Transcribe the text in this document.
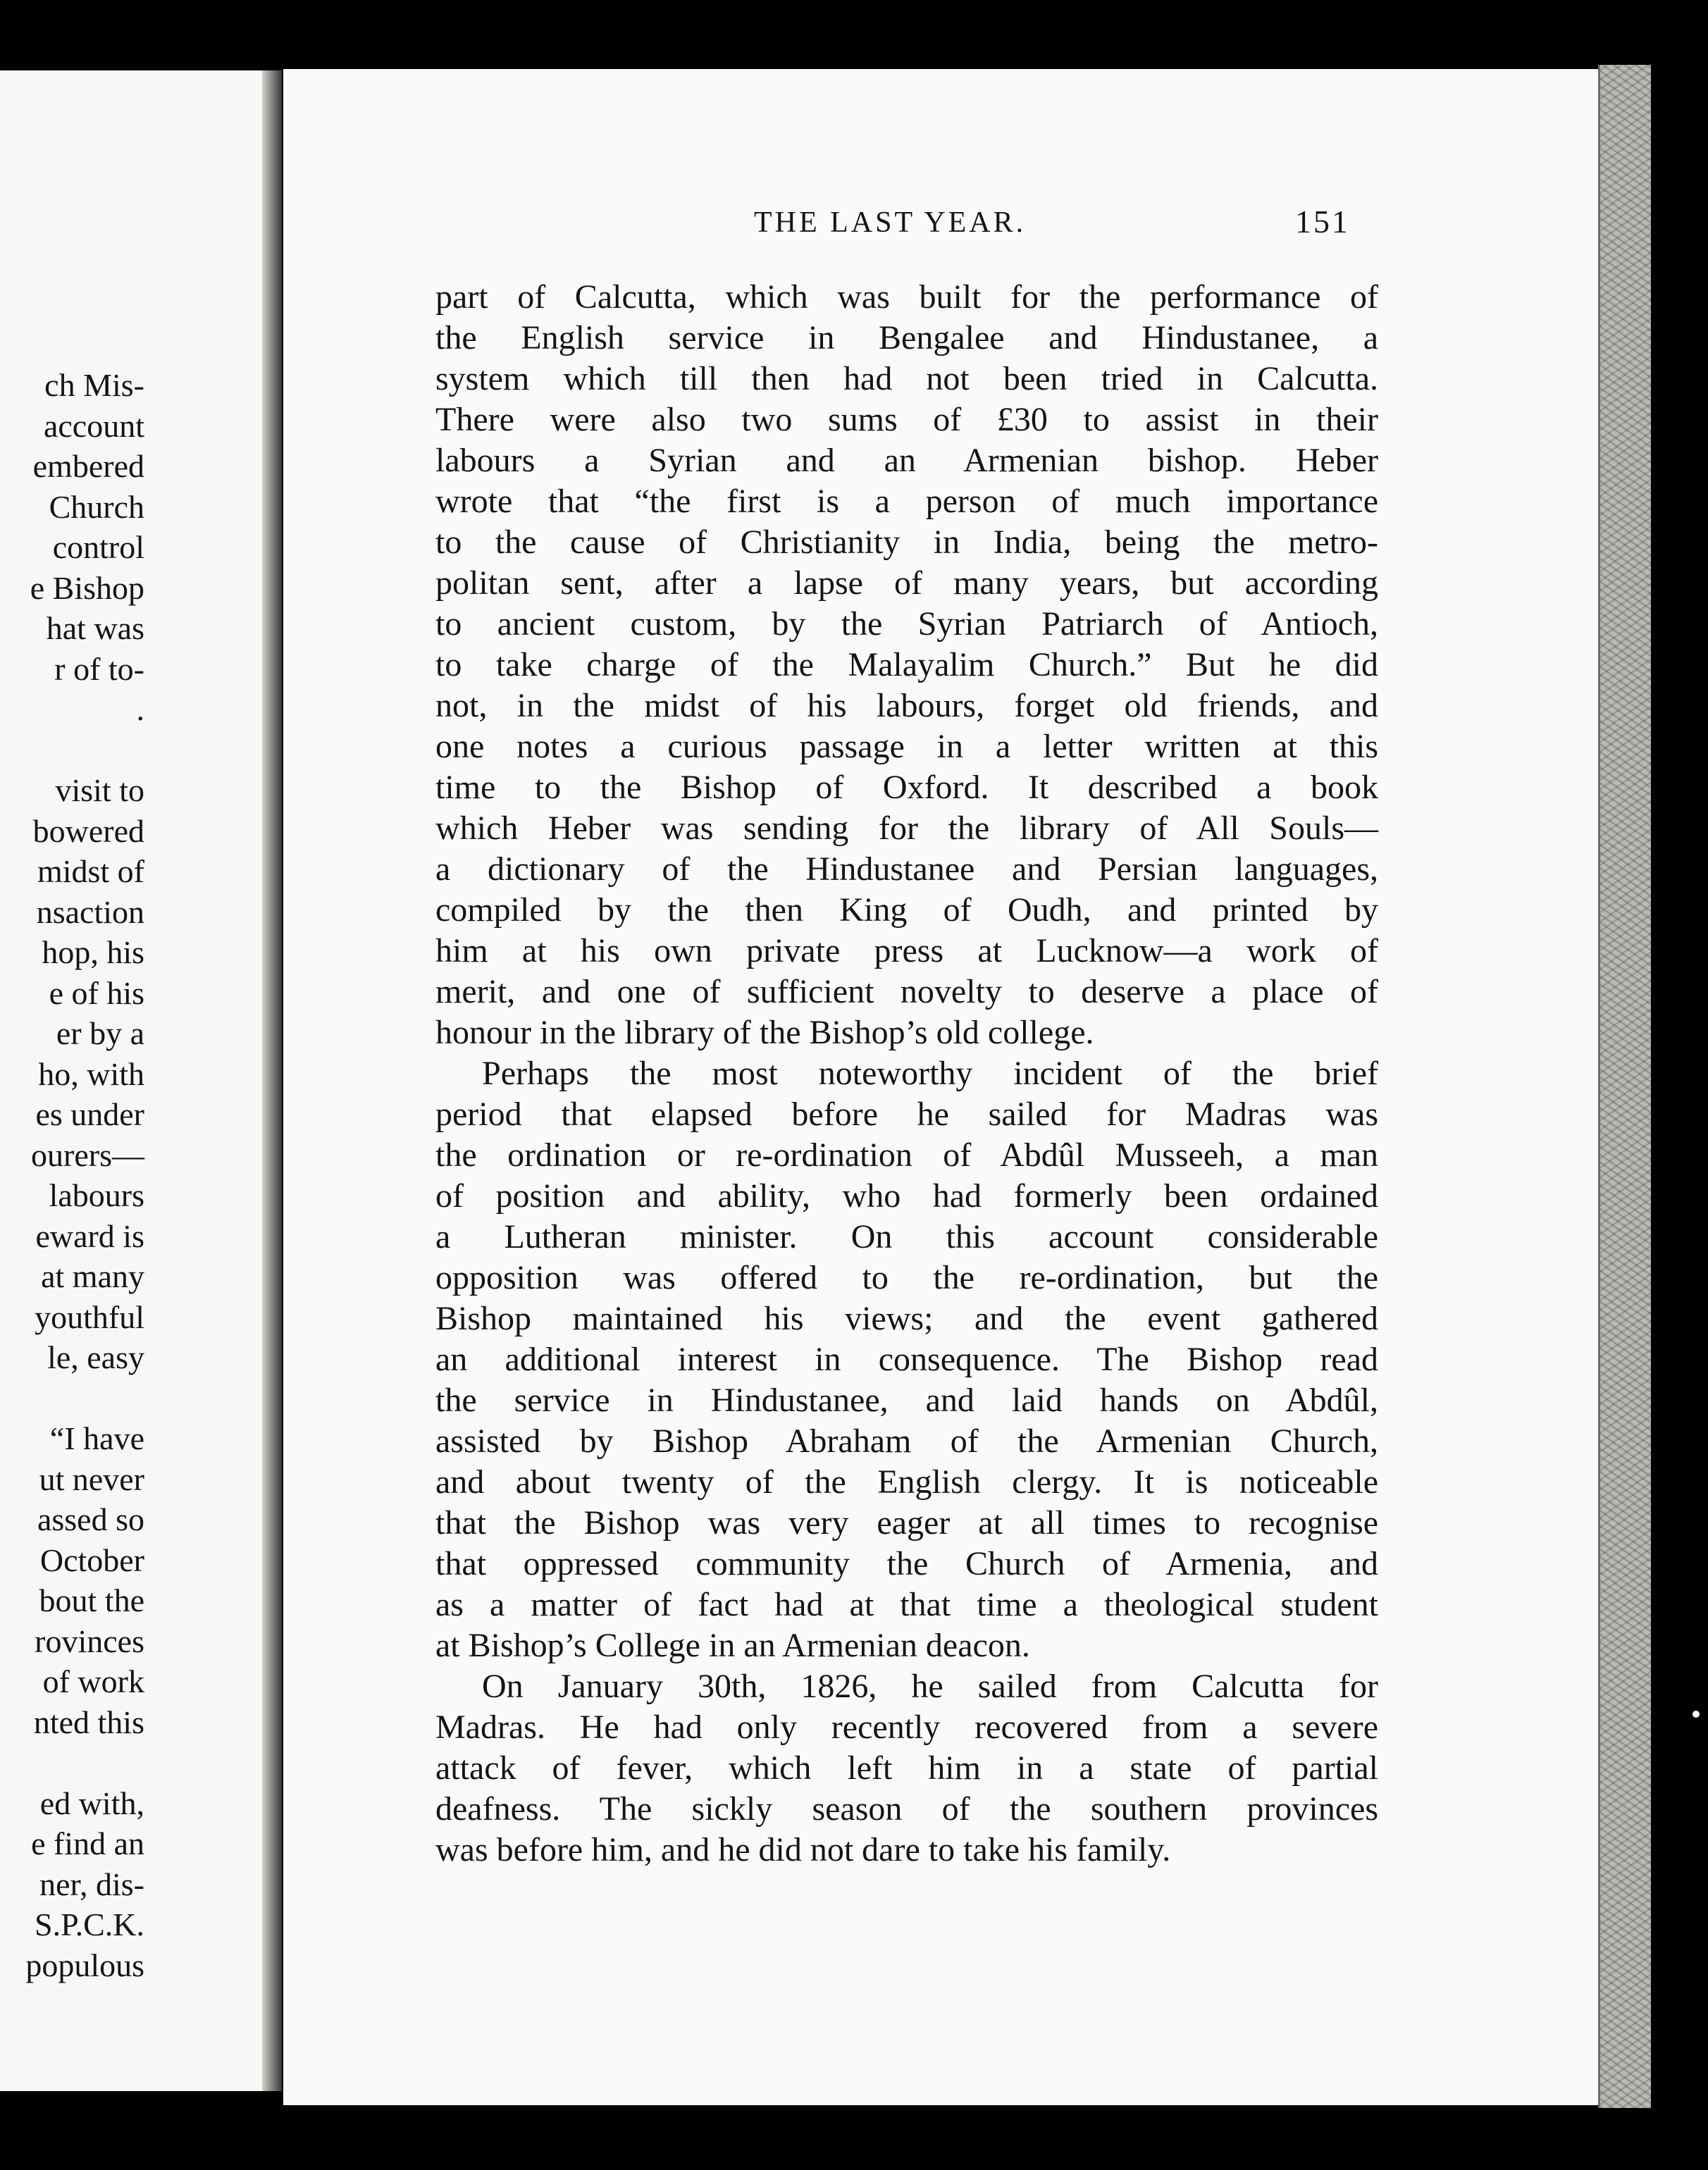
ch Mis-
account
embered
Church
control
e Bishop
hat was
r of to-
.
visit to
bowered
midst of
nsaction
hop, his
e of his
er by a
ho, with
es under
ourers—
labours
eward is
at many
youthful
le, easy
“I have
ut never
assed so
October
bout the
rovinces
of work
nted this
ed with,
e find an
ner, dis-
S.P.C.K.
populous
THE LAST YEAR.	151

part of Calcutta, which was built for the performance of
the English service in Bengalee and Hindustanee, a
system which till then had not been tried in Calcutta.
There were also two sums of £30 to assist in their
labours a Syrian and an Armenian bishop. Heber
wrote that “the first is a person of much importance
to the cause of Christianity in India, being the metro-
politan sent, after a lapse of many years, but according
to ancient custom, by the Syrian Patriarch of Antioch,
to take charge of the Malayalim Church.” But he did
not, in the midst of his labours, forget old friends, and
one notes a curious passage in a letter written at this
time to the Bishop of Oxford. It described a book
which Heber was sending for the library of All Souls—
a dictionary of the Hindustanee and Persian languages,
compiled by the then King of Oudh, and printed by
him at his own private press at Lucknow—a work of
merit, and one of sufficient novelty to deserve a place of
honour in the library of the Bishop’s old college.

Perhaps the most noteworthy incident of the brief
period that elapsed before he sailed for Madras was
the ordination or re-ordination of Abdûl Musseeh, a man
of position and ability, who had formerly been ordained
a Lutheran minister. On this account considerable
opposition was offered to the re-ordination, but the
Bishop maintained his views; and the event gathered
an additional interest in consequence. The Bishop read
the service in Hindustanee, and laid hands on Abdûl,
assisted by Bishop Abraham of the Armenian Church,
and about twenty of the English clergy. It is noticeable
that the Bishop was very eager at all times to recognise
that oppressed community the Church of Armenia, and
as a matter of fact had at that time a theological student
at Bishop’s College in an Armenian deacon.

On January 30th, 1826, he sailed from Calcutta for
Madras. He had only recently recovered from a severe
attack of fever, which left him in a state of partial
deafness. The sickly season of the southern provinces
was before him, and he did not dare to take his family.
